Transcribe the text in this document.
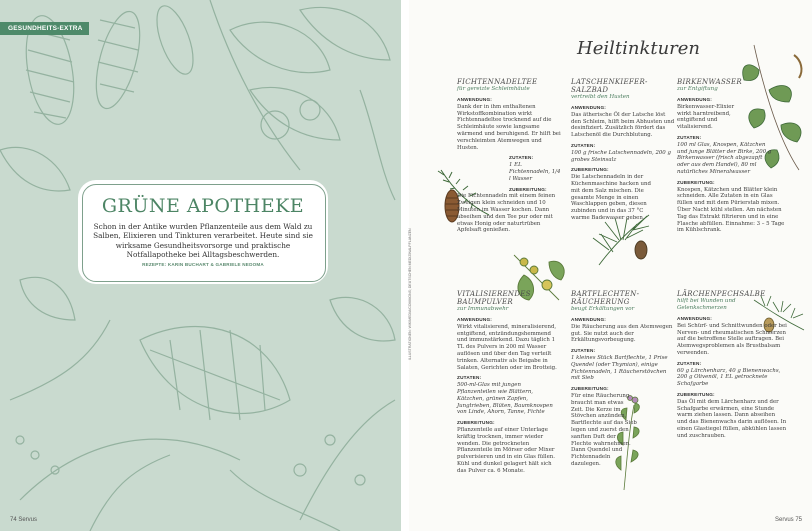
GESUNDHEITS-EXTRA
GRÜNE APOTHEKE
Schon in der Antike wurden Pflanzenteile aus dem Wald zu Salben, Elixieren und Tinkturen verarbeitet. Heute sind sie wirksame Gesundheitsvorsorge und praktische Notfallapotheke bei Alltagsbeschwerden.
REZEPTE: KARIN BUCHART & GABRIELE NEDOMA
74 Servus
ILLUSTRATIONEN: WIKIMEDIA/COMMONS; DEUTSCHEN MEDIZINALPFLANZEN
Heiltinkturen
FICHTENNADELTEE
für gereizte Schleimhäute
ANWENDUNG:
Dank der in ihm enthaltenen Wirkstoffkombination wirkt Fichtennadeltee trocknend auf die Schleimhäute sowie langsame wärmend und beruhigend. Er hilft bei verschleimten Atemwegen und Husten.
ZUTATEN:
1 EL Fichtennadeln, 1/4 l Wasser
ZUBEREITUNG:
Die Fichtennadeln mit einem feinen Zweigen klein schneiden und 10 Minuten im Wasser kochen. Dann abseihen und den Tee pur oder mit etwas Honig oder naturtrüben Apfelsaft genießen.
LATSCHENKIEFER-SALZBAD
vertreibt den Husten
ANWENDUNG:
Das ätherische Öl der Latsche löst den Schleim, hilft beim Abhusten und desinfiziert. Zusätzlich fördert das Latschenöl die Durchblutung.
ZUTATEN:
100 g frische Latschennadeln, 200 g grobes Steinsalz
ZUBEREITUNG:
Die Latschennadeln in der Küchenmaschine hacken und mit dem Salz mischen. Die gesamte Menge in einen Waschlappen geben, diesen zubinden und in das 37 °C warme Badewasser geben.
BIRKENWASSER
zur Entgiftung
ANWENDUNG:
Birkenwasser-Elixier wirkt harntreibend, entgiftend und vitalisierend.
ZUTATEN:
100 ml Glas, Knospen, Kätzchen und junge Blätter der Birke, 200 g Birkenwasser (frisch abgezapft oder aus dem Handel), 80 ml natürliches Mineralwasser
ZUBEREITUNG:
Knospen, Kätzchen und Blätter klein schneiden. Alle Zutaten in ein Glas füllen und mit dem Pürierstab mixen. Über Nacht kühl stellen. Am nächsten Tag das Extrakt filtrieren und in eine Flasche abfüllen. Einnahme: 3 – 5 Tage im Kühlschrank.
VITALISIERENDES BAUMPULVER
zur Immunabwehr
ANWENDUNG:
Wirkt vitalisierend, mineralisierend, entgiftend, entzündungshemmend und immunstärkend. Dazu täglich 1 TL des Pulvers in 200 ml Wasser auflösen und über den Tag verteilt trinken. Alternativ als Beigabe in Salaten, Gerichten oder im Brotteig.
ZUTATEN:
500-ml-Glas mit jungen Pflanzenteilen wie Blättern, Kätzchen, grünen Zapfen, Jungtrieben, Blüten, Baumknospen von Linde, Ahorn, Tanne, Fichte
ZUBEREITUNG:
Pflanzenteile auf einer Unterlage kräftig trocknen, immer wieder wenden. Die getrockneten Pflanzenteile im Mörser oder Mixer pulverisieren und in ein Glas füllen. Kühl und dunkel gelagert hält sich das Pulver ca. 6 Monate.
BARTFLECHTEN-RÄUCHERUNG
beugt Erkältungen vor
ANWENDUNG:
Die Räucherung aus den Atemwegen gut. Sie nutzt auch der Erkältungsvorbeugung.
ZUTATEN:
1 kleines Stück Bartflechte, 1 Prise Quendel (oder Thymian), einige Fichtennadeln, 1 Räucherstövchen mit Sieb
ZUBEREITUNG:
Für eine Räucherung braucht man etwas Zeit. Die Kerze im Stövchen anzünden, Bartflechte auf das Sieb legen und zuerst den sanften Duft der Flechte wahrnehmen. Dann Quendel und Fichtennadeln dazulegen.
LÄRCHENPECHSALBE
hilft bei Wunden und Gelenkschmerzen
ANWENDUNG:
Bei Schürf- und Schnittwunden oder bei Nerven- und rheumatischen Schmerzen auf die betroffene Stelle auftragen. Bei Atemwegsproblemen als Brustbalsam verwenden.
ZUTATEN:
60 g Lärchenharz, 40 g Bienenwachs, 200 g Olivenöl, 1 EL getrocknete Schafgarbe
ZUBEREITUNG:
Das Öl mit dem Lärchenharz und der Schafgarbe erwärmen, eine Stunde warm ziehen lassen. Dann abseihen und das Bienenwachs darin auflösen. In einen Glastiegel füllen, abkühlen lassen und zuschrauben.
Servus 75
